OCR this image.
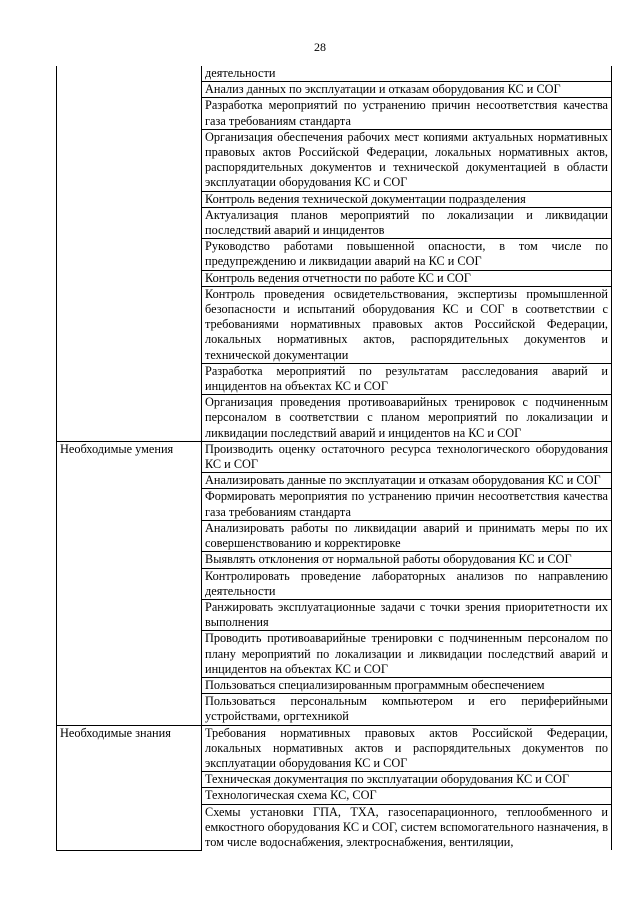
28
	деятельности
	Анализ данных по эксплуатации и отказам оборудования КС и СОГ
	Разработка мероприятий по устранению причин несоответствия качества газа требованиям стандарта
	Организация обеспечения рабочих мест копиями актуальных нормативных правовых актов Российской Федерации, локальных нормативных актов, распорядительных документов и технической документацией в области эксплуатации оборудования КС и СОГ
	Контроль ведения технической документации подразделения
	Актуализация планов мероприятий по локализации и ликвидации последствий аварий и инцидентов
	Руководство работами повышенной опасности, в том числе по предупреждению и ликвидации аварий на КС и СОГ
	Контроль ведения отчетности по работе КС и СОГ
	Контроль проведения освидетельствования, экспертизы промышленной безопасности и испытаний оборудования КС и СОГ в соответствии с требованиями нормативных правовых актов Российской Федерации, локальных нормативных актов, распорядительных документов и технической документации
	Разработка мероприятий по результатам расследования аварий и инцидентов на объектах КС и СОГ
	Организация проведения противоаварийных тренировок с подчиненным персоналом в соответствии с планом мероприятий по локализации и ликвидации последствий аварий и инцидентов на КС и СОГ
Необходимые умения	Производить оценку остаточного ресурса технологического оборудования КС и СОГ
	Анализировать данные по эксплуатации и отказам оборудования КС и СОГ
	Формировать мероприятия по устранению причин несоответствия качества газа требованиям стандарта
	Анализировать работы по ликвидации аварий и принимать меры по их совершенствованию и корректировке
	Выявлять отклонения от нормальной работы оборудования КС и СОГ
	Контролировать проведение лабораторных анализов по направлению деятельности
	Ранжировать эксплуатационные задачи с точки зрения приоритетности их выполнения
	Проводить противоаварийные тренировки с подчиненным персоналом по плану мероприятий по локализации и ликвидации последствий аварий и инцидентов на объектах КС и СОГ
	Пользоваться специализированным программным обеспечением
	Пользоваться персональным компьютером и его периферийными устройствами, оргтехникой
Необходимые знания	Требования нормативных правовых актов Российской Федерации, локальных нормативных актов и распорядительных документов по эксплуатации оборудования КС и СОГ
	Техническая документация по эксплуатации оборудования КС и СОГ
	Технологическая схема КС, СОГ
	Схемы установки ГПА, ТХА, газосепарационного, теплообменного и емкостного оборудования КС и СОГ, систем вспомогательного назначения, в том числе водоснабжения, электроснабжения, вентиляции,
